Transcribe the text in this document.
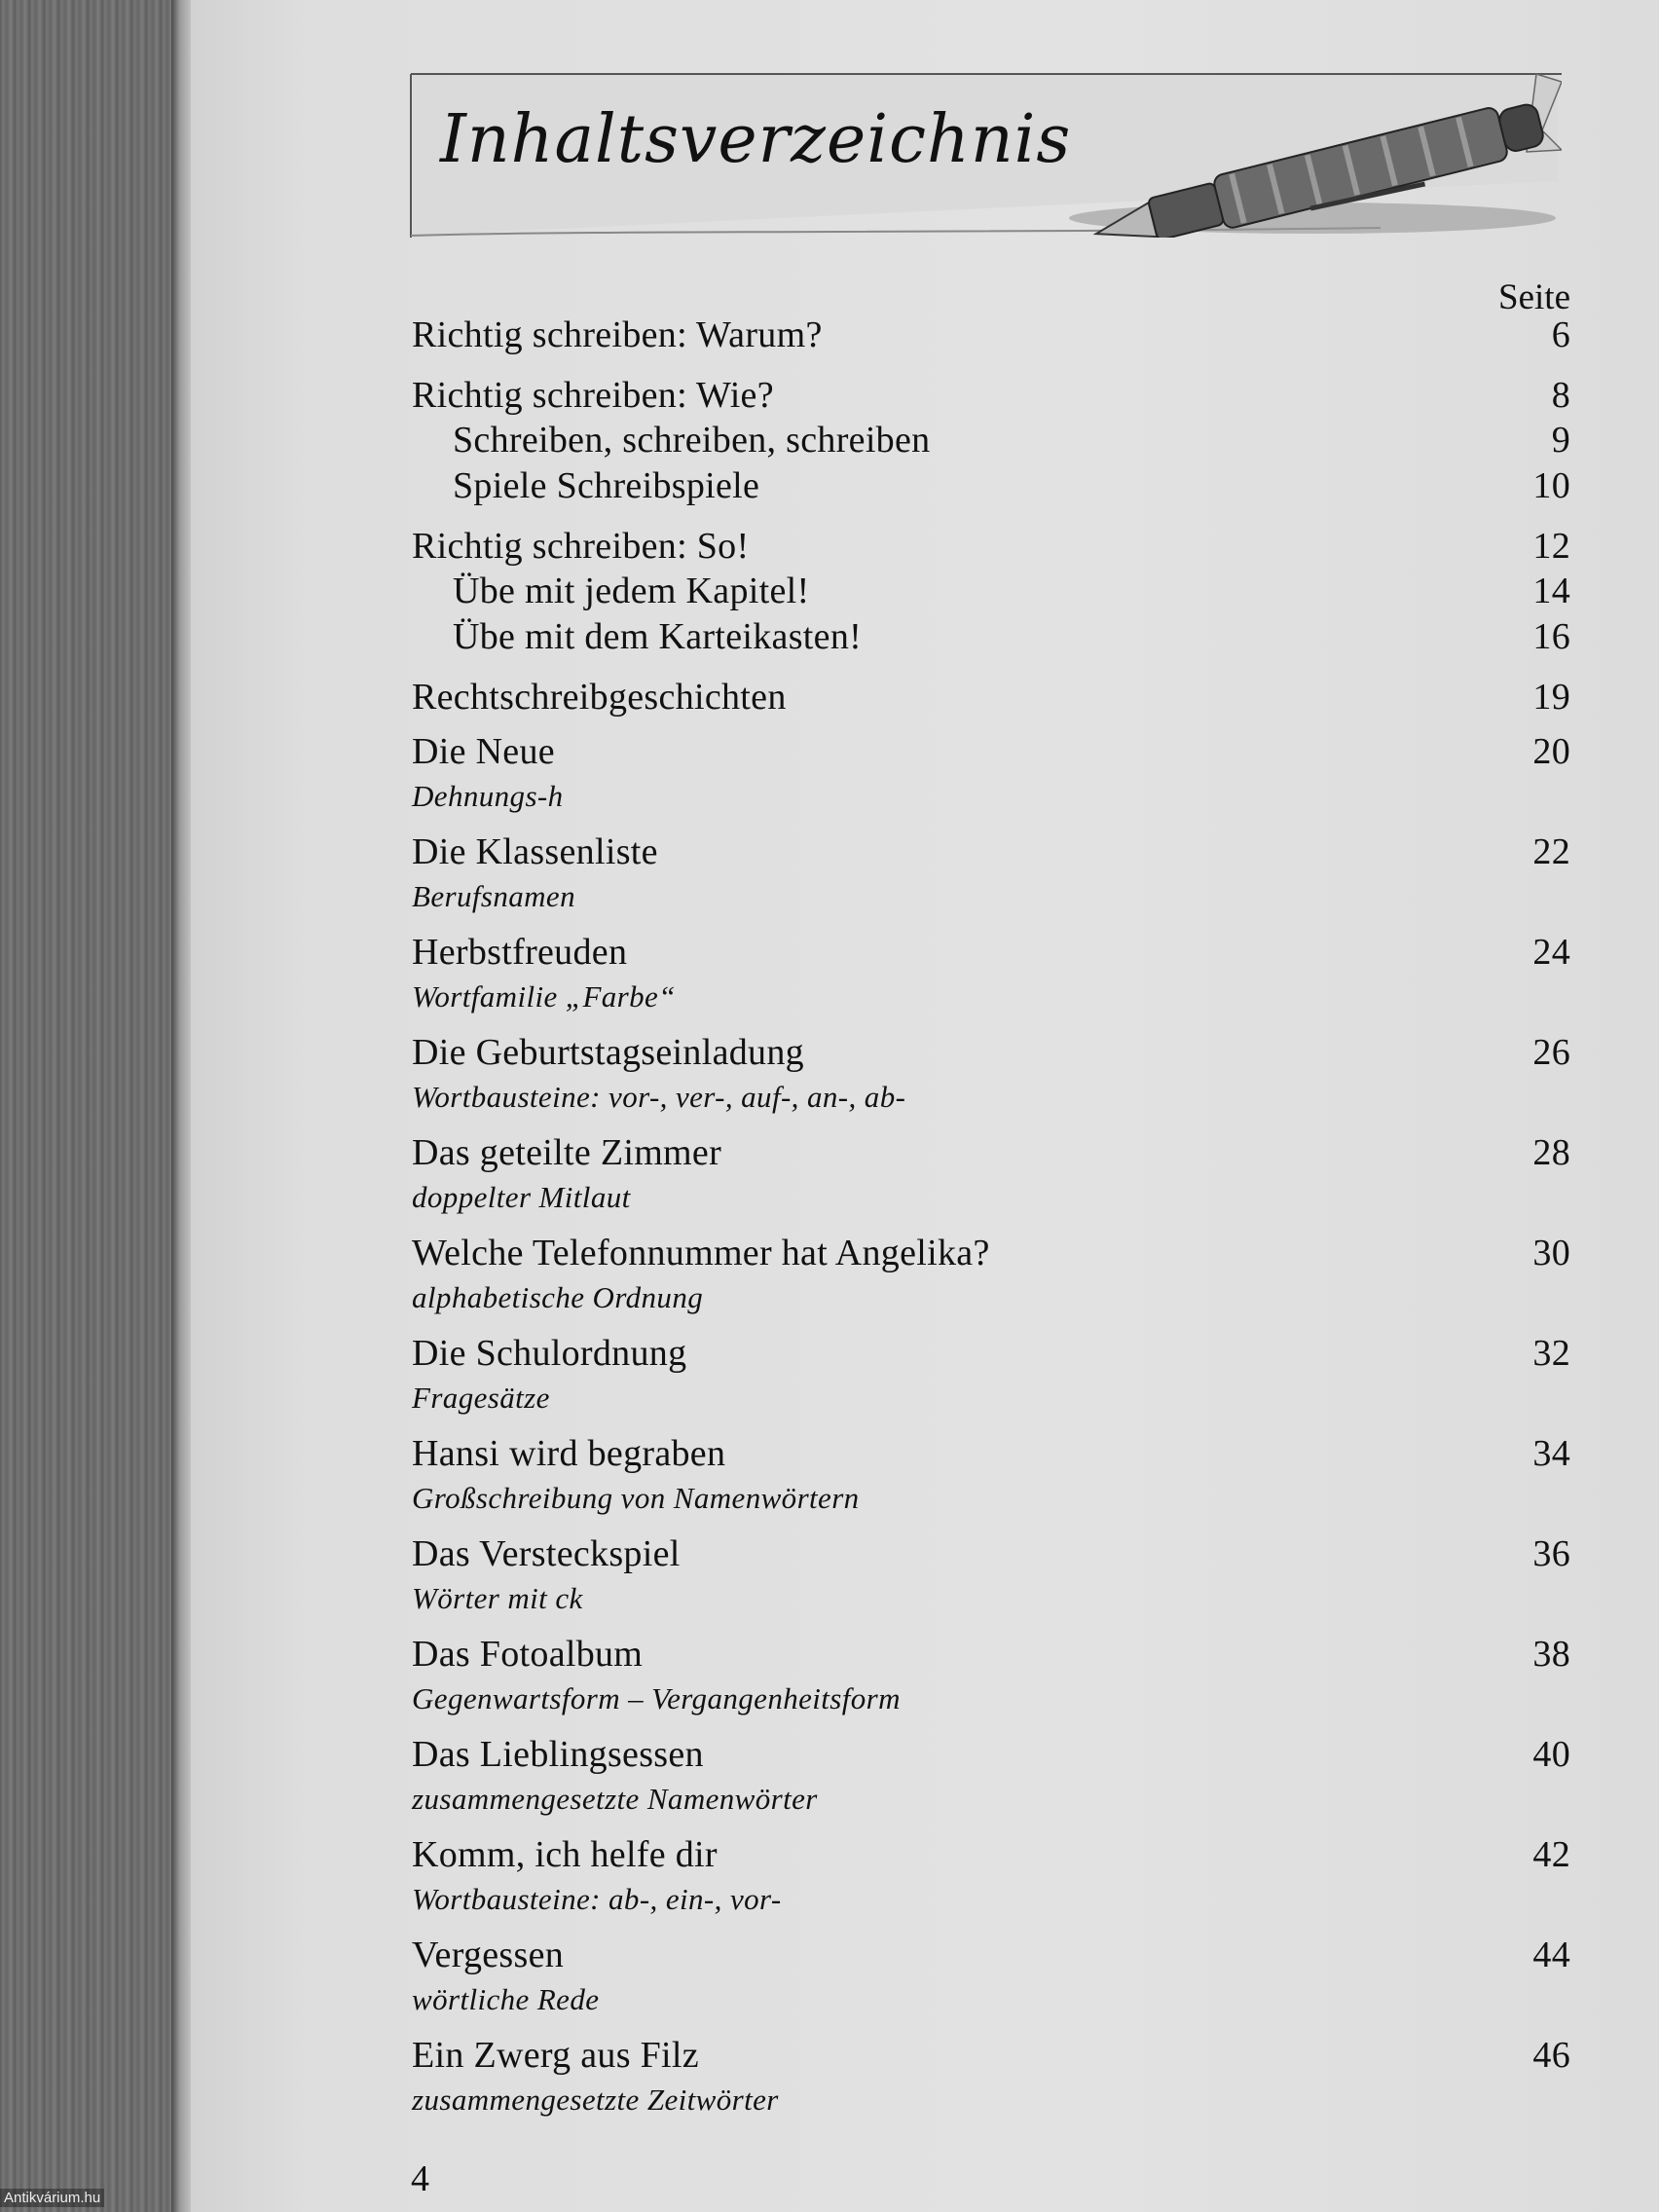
Inhaltsverzeichnis
Seite
Richtig schreiben: Warum?	6
Richtig schreiben: Wie?	8
Schreiben, schreiben, schreiben	9
Spiele Schreibspiele	10
Richtig schreiben: So!	12
Übe mit jedem Kapitel!	14
Übe mit dem Karteikasten!	16
Rechtschreibgeschichten	19
Die Neue	20
Dehnungs-h
Die Klassenliste	22
Berufsnamen
Herbstfreuden	24
Wortfamilie „Farbe“
Die Geburtstagseinladung	26
Wortbausteine: vor-, ver-, auf-, an-, ab-
Das geteilte Zimmer	28
doppelter Mitlaut
Welche Telefonnummer hat Angelika?	30
alphabetische Ordnung
Die Schulordnung	32
Fragesätze
Hansi wird begraben	34
Großschreibung von Namenwörtern
Das Versteckspiel	36
Wörter mit ck
Das Fotoalbum	38
Gegenwartsform – Vergangenheitsform
Das Lieblingsessen	40
zusammengesetzte Namenwörter
Komm, ich helfe dir	42
Wortbausteine: ab-, ein-, vor-
Vergessen	44
wörtliche Rede
Ein Zwerg aus Filz	46
zusammengesetzte Zeitwörter
4
Antikvárium.hu
